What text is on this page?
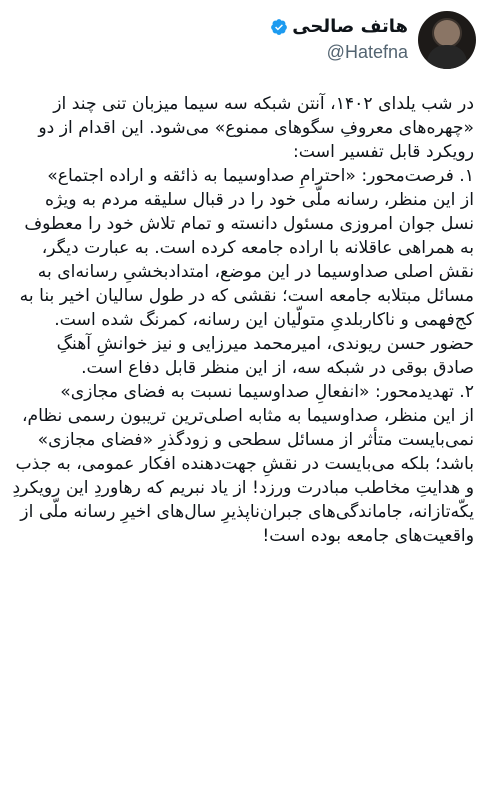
هاتف صالحی
@Hatefna

در شب یلدای ۱۴۰۲، آنتن شبکه سه سیما میزبان تنی چند از «چهره‌های معروفِ سگوهای ممنوع» می‌شود. این اقدام از دو رویکرد قابل تفسیر است:

۱. فرصت‌محور: «احترامِ صداوسیما به ذائقه و اراده اجتماع»

از این منظر، رسانه ملّی خود را در قبال سلیقه مردم به ویژه نسل جوان امروزی مسئول دانسته و تمام تلاش خود را معطوف به همراهی عاقلانه با اراده جامعه کرده است. به عبارت دیگر، نقش اصلی صداوسیما در این موضع، امتدادبخشیِ رسانه‌ای به مسائل مبتلابه جامعه است؛ نقشی که در طول سالیان اخیر بنا به کج‌فهمی و ناکاربلدیِ متولّیان این رسانه، کمرنگ شده است. حضور حسن ریوندی، امیرمحمد میرزایی و نیز خوانشِ آهنگِ صادق بوقی در شبکه سه، از این منظر قابل دفاع است.

۲. تهدیدمحور: «انفعالِ صداوسیما نسبت به فضای مجازی»

از این منظر، صداوسیما به مثابه اصلی‌ترین تریبون رسمی نظام، نمی‌بایست متأثر از مسائل سطحی و زودگذرِ «فضای مجازی» باشد؛ بلکه می‌بایست در نقشِ جهت‌دهنده افکار عمومی، به جذب و هدایتِ مخاطب مبادرت ورزد! از یاد نبریم که رهاوردِ این رویکردِ یکّه‌تازانه، جاماندگی‌های جبران‌ناپذیرِ سال‌های اخیرِ رسانه ملّی از واقعیت‌های جامعه بوده است!
